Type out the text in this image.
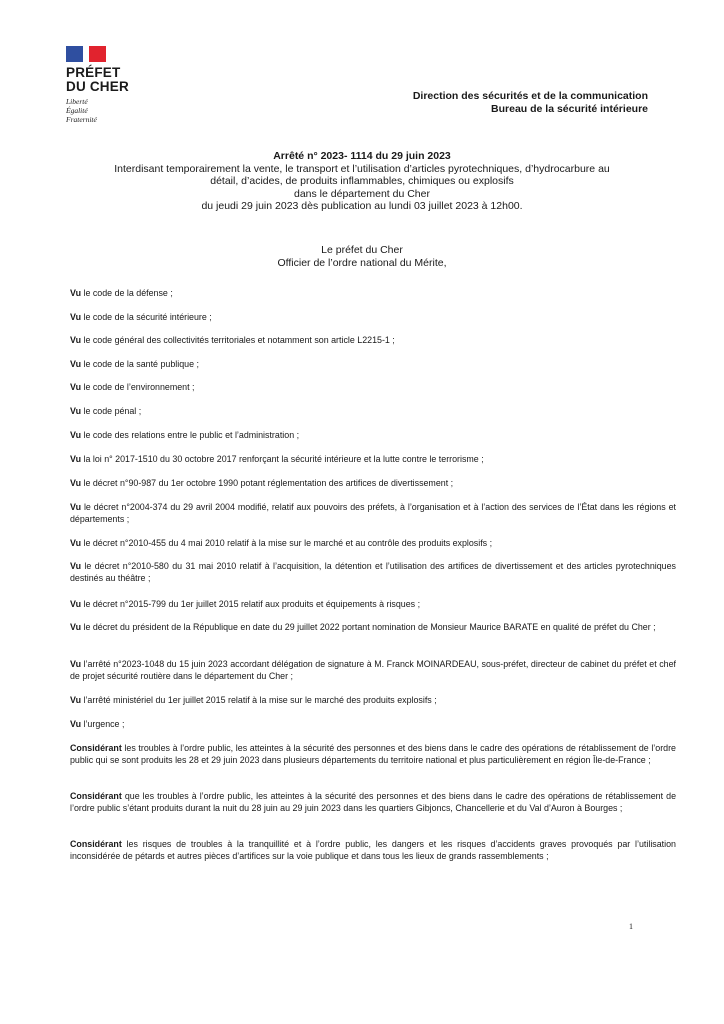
PRÉFET
DU CHER
Liberté
Égalité
Fraternité
Direction des sécurités et de la communication
Bureau de la sécurité intérieure
Arrêté n° 2023- 1114 du 29 juin 2023
Interdisant temporairement la vente, le transport et l’utilisation d’articles pyrotechniques, d’hydrocarbure au
détail, d’acides, de produits inflammables, chimiques ou explosifs
dans le département du Cher
du jeudi 29 juin 2023 dès publication au lundi 03 juillet 2023 à 12h00.
Le préfet du Cher
Officier de l’ordre national du Mérite,
Vu le code de la défense ;
Vu le code de la sécurité intérieure ;
Vu le code général des collectivités territoriales et notamment son article L2215-1 ;
Vu le code de la santé publique ;
Vu le code de l’environnement ;
Vu le code pénal ;
Vu le code des relations entre le public et l’administration ;
Vu la loi n° 2017-1510 du 30 octobre 2017 renforçant la sécurité intérieure et la lutte contre le terrorisme ;
Vu le décret n°90-987 du 1er octobre 1990 potant réglementation des artifices de divertissement ;
Vu le décret n°2004-374 du 29 avril 2004 modifié, relatif aux pouvoirs des préfets, à l’organisation et à l’action des services de l’État dans les régions et départements ;
Vu le décret n°2010-455 du 4 mai 2010 relatif à la mise sur le marché et au contrôle des produits explosifs ;
Vu le décret n°2010-580 du 31 mai 2010 relatif à l’acquisition, la détention et l’utilisation des artifices de divertissement et des articles pyrotechniques destinés au théâtre ;
Vu le décret n°2015-799 du 1er juillet 2015 relatif aux produits et équipements à risques ;
Vu le décret du président de la République en date du 29 juillet 2022 portant nomination de Monsieur Maurice BARATE en qualité de préfet du Cher ;
Vu l’arrêté n°2023-1048 du 15 juin 2023 accordant délégation de signature à M. Franck MOINARDEAU, sous-préfet, directeur de cabinet du préfet et chef de projet sécurité routière dans le département du Cher ;
Vu l’arrêté ministériel du 1er juillet 2015 relatif à la mise sur le marché des produits explosifs ;
Vu l’urgence ;
Considérant les troubles à l’ordre public, les atteintes à la sécurité des personnes et des biens dans le cadre des opérations de rétablissement de l’ordre public qui se sont produits les 28 et 29 juin 2023 dans plusieurs départements du territoire national et plus particulièrement en région Île-de-France ;
Considérant que les troubles à l’ordre public, les atteintes à la sécurité des personnes et des biens dans le cadre des opérations de rétablissement de l’ordre public s’étant produits durant la nuit du 28 juin au 29 juin 2023 dans les quartiers Gibjoncs, Chancellerie et du Val d’Auron à Bourges ;
Considérant les risques de troubles à la tranquillité et à l’ordre public, les dangers et les risques d’accidents graves provoqués par l’utilisation inconsidérée de pétards et autres pièces d’artifices sur la voie publique et dans tous les lieux de grands rassemblements ;
1
